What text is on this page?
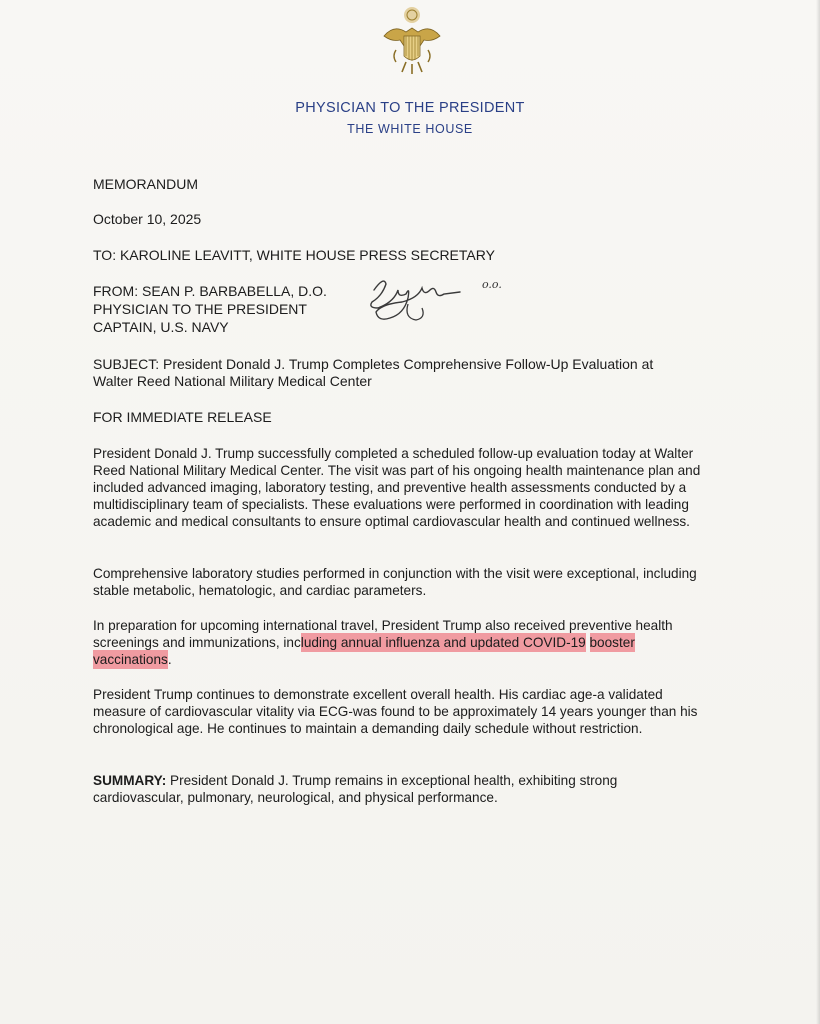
PHYSICIAN TO THE PRESIDENT
THE WHITE HOUSE
MEMORANDUM
October 10, 2025
TO: KAROLINE LEAVITT, WHITE HOUSE PRESS SECRETARY
FROM: SEAN P. BARBABELLA, D.O.
PHYSICIAN TO THE PRESIDENT
CAPTAIN, U.S. NAVY
o.o.
SUBJECT: President Donald J. Trump Completes Comprehensive Follow-Up Evaluation at
Walter Reed National Military Medical Center
FOR IMMEDIATE RELEASE
President Donald J. Trump successfully completed a scheduled follow-up evaluation today at Walter Reed National Military Medical Center. The visit was part of his ongoing health maintenance plan and included advanced imaging, laboratory testing, and preventive health assessments conducted by a multidisciplinary team of specialists. These evaluations were performed in coordination with leading academic and medical consultants to ensure optimal cardiovascular health and continued wellness.
Comprehensive laboratory studies performed in conjunction with the visit were exceptional, including stable metabolic, hematologic, and cardiac parameters.
In preparation for upcoming international travel, President Trump also received preventive health screenings and immunizations, including annual influenza and updated COVID-19 booster vaccinations.
President Trump continues to demonstrate excellent overall health. His cardiac age-a validated measure of cardiovascular vitality via ECG-was found to be approximately 14 years younger than his chronological age. He continues to maintain a demanding daily schedule without restriction.
SUMMARY: President Donald J. Trump remains in exceptional health, exhibiting strong cardiovascular, pulmonary, neurological, and physical performance.
